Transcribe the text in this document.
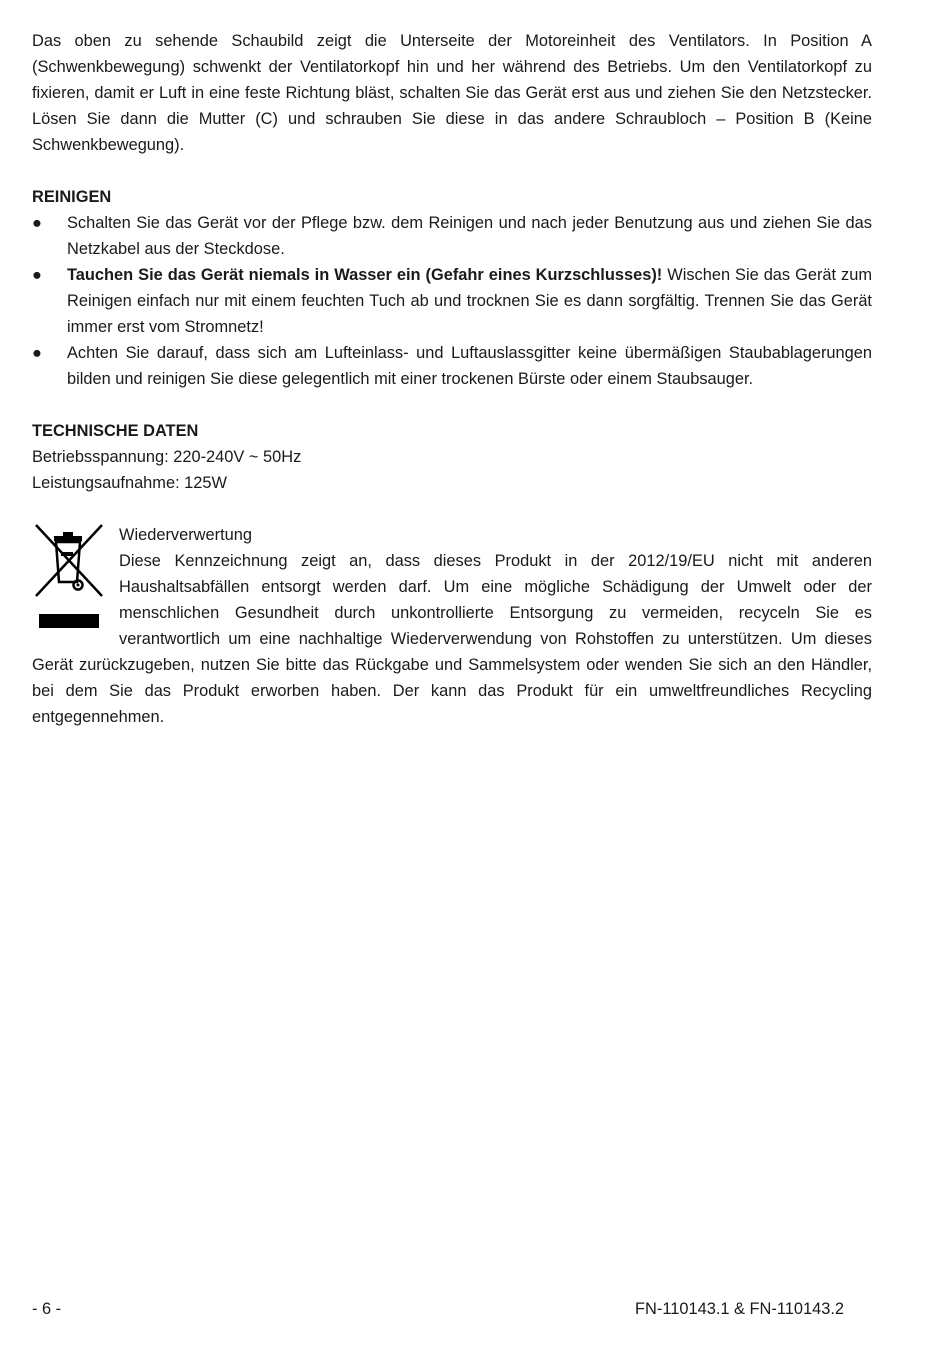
Das oben zu sehende Schaubild zeigt die Unterseite der Motoreinheit des Ventilators. In Position A (Schwenkbewegung) schwenkt der Ventilatorkopf hin und her während des Betriebs. Um den Ventilatorkopf zu fixieren, damit er Luft in eine feste Richtung bläst, schalten Sie das Gerät erst aus und ziehen Sie den Netzstecker. Lösen Sie dann die Mutter (C) und schrauben Sie diese in das andere Schraubloch – Position B (Keine Schwenkbewegung).

REINIGEN

● Schalten Sie das Gerät vor der Pflege bzw. dem Reinigen und nach jeder Benutzung aus und ziehen Sie das Netzkabel aus der Steckdose.
● Tauchen Sie das Gerät niemals in Wasser ein (Gefahr eines Kurzschlusses)! Wischen Sie das Gerät zum Reinigen einfach nur mit einem feuchten Tuch ab und trocknen Sie es dann sorgfältig. Trennen Sie das Gerät immer erst vom Stromnetz!
● Achten Sie darauf, dass sich am Lufteinlass- und Luftauslassgitter keine übermäßigen Staubablagerungen bilden und reinigen Sie diese gelegentlich mit einer trockenen Bürste oder einem Staubsauger.

TECHNISCHE DATEN

Betriebsspannung: 220-240V ~ 50Hz

Leistungsaufnahme: 125W

Wiederverwertung

Diese Kennzeichnung zeigt an, dass dieses Produkt in der 2012/19/EU nicht mit anderen Haushaltsabfällen entsorgt werden darf. Um eine mögliche Schädigung der Umwelt oder der menschlichen Gesundheit durch unkontrollierte Entsorgung zu vermeiden, recyceln Sie es verantwortlich um eine nachhaltige Wiederverwendung von Rohstoffen zu unterstützen. Um dieses Gerät zurückzugeben, nutzen Sie bitte das Rückgabe und Sammelsystem oder wenden Sie sich an den Händler, bei dem Sie das Produkt erworben haben. Der kann das Produkt für ein umweltfreundliches Recycling entgegennehmen.

- 6 -	FN-110143.1 & FN-110143.2
